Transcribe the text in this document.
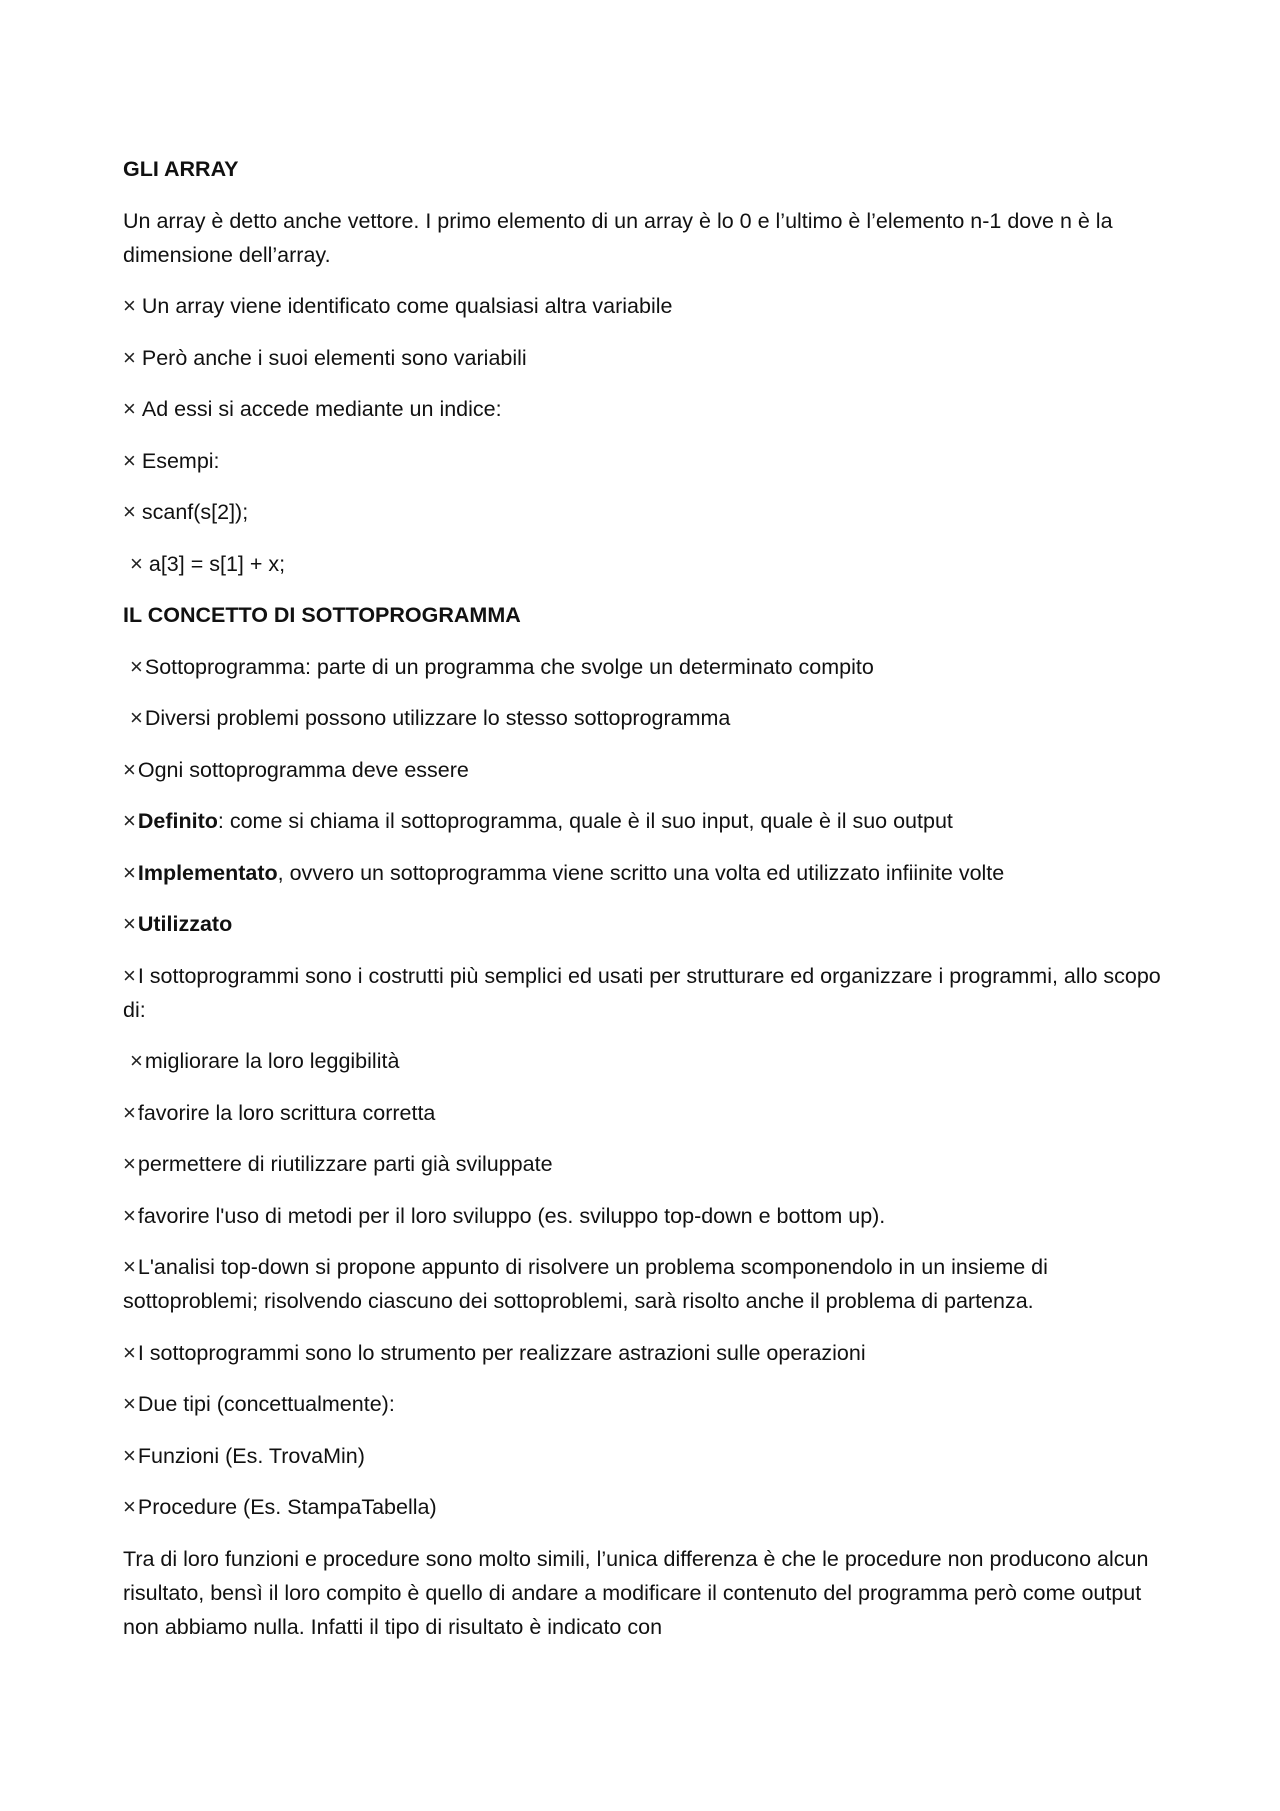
GLI ARRAY

Un array è detto anche vettore. I primo elemento di un array è lo 0 e l’ultimo è l’elemento n-1 dove n è la dimensione dell’array.

× Un array viene identificato come qualsiasi altra variabile

× Però anche i suoi elementi sono variabili

× Ad essi si accede mediante un indice:

× Esempi:

× scanf(s[2]);

× a[3] = s[1] + x;

IL CONCETTO DI SOTTOPROGRAMMA

×Sottoprogramma: parte di un programma che svolge un determinato compito

×Diversi problemi possono utilizzare lo stesso sottoprogramma

×Ogni sottoprogramma deve essere

×Definito: come si chiama il sottoprogramma, quale è il suo input, quale è il suo output

×Implementato, ovvero un sottoprogramma viene scritto una volta ed utilizzato infiinite volte

×Utilizzato

×I sottoprogrammi sono i costrutti più semplici ed usati per strutturare ed organizzare i programmi, allo scopo di:

×migliorare la loro leggibilità

×favorire la loro scrittura corretta

×permettere di riutilizzare parti già sviluppate

×favorire l'uso di metodi per il loro sviluppo (es. sviluppo top-down e bottom up).

×L'analisi top-down si propone appunto di risolvere un problema scomponendolo in un insieme di sottoproblemi; risolvendo ciascuno dei sottoproblemi, sarà risolto anche il problema di partenza.

×I sottoprogrammi sono lo strumento per realizzare astrazioni sulle operazioni

×Due tipi (concettualmente):

×Funzioni (Es. TrovaMin)

×Procedure (Es. StampaTabella)

Tra di loro funzioni e procedure sono molto simili, l’unica differenza è che le procedure non producono alcun risultato, bensì il loro compito è quello di andare a modificare il contenuto del programma però come output non abbiamo nulla. Infatti il tipo di risultato è indicato con
